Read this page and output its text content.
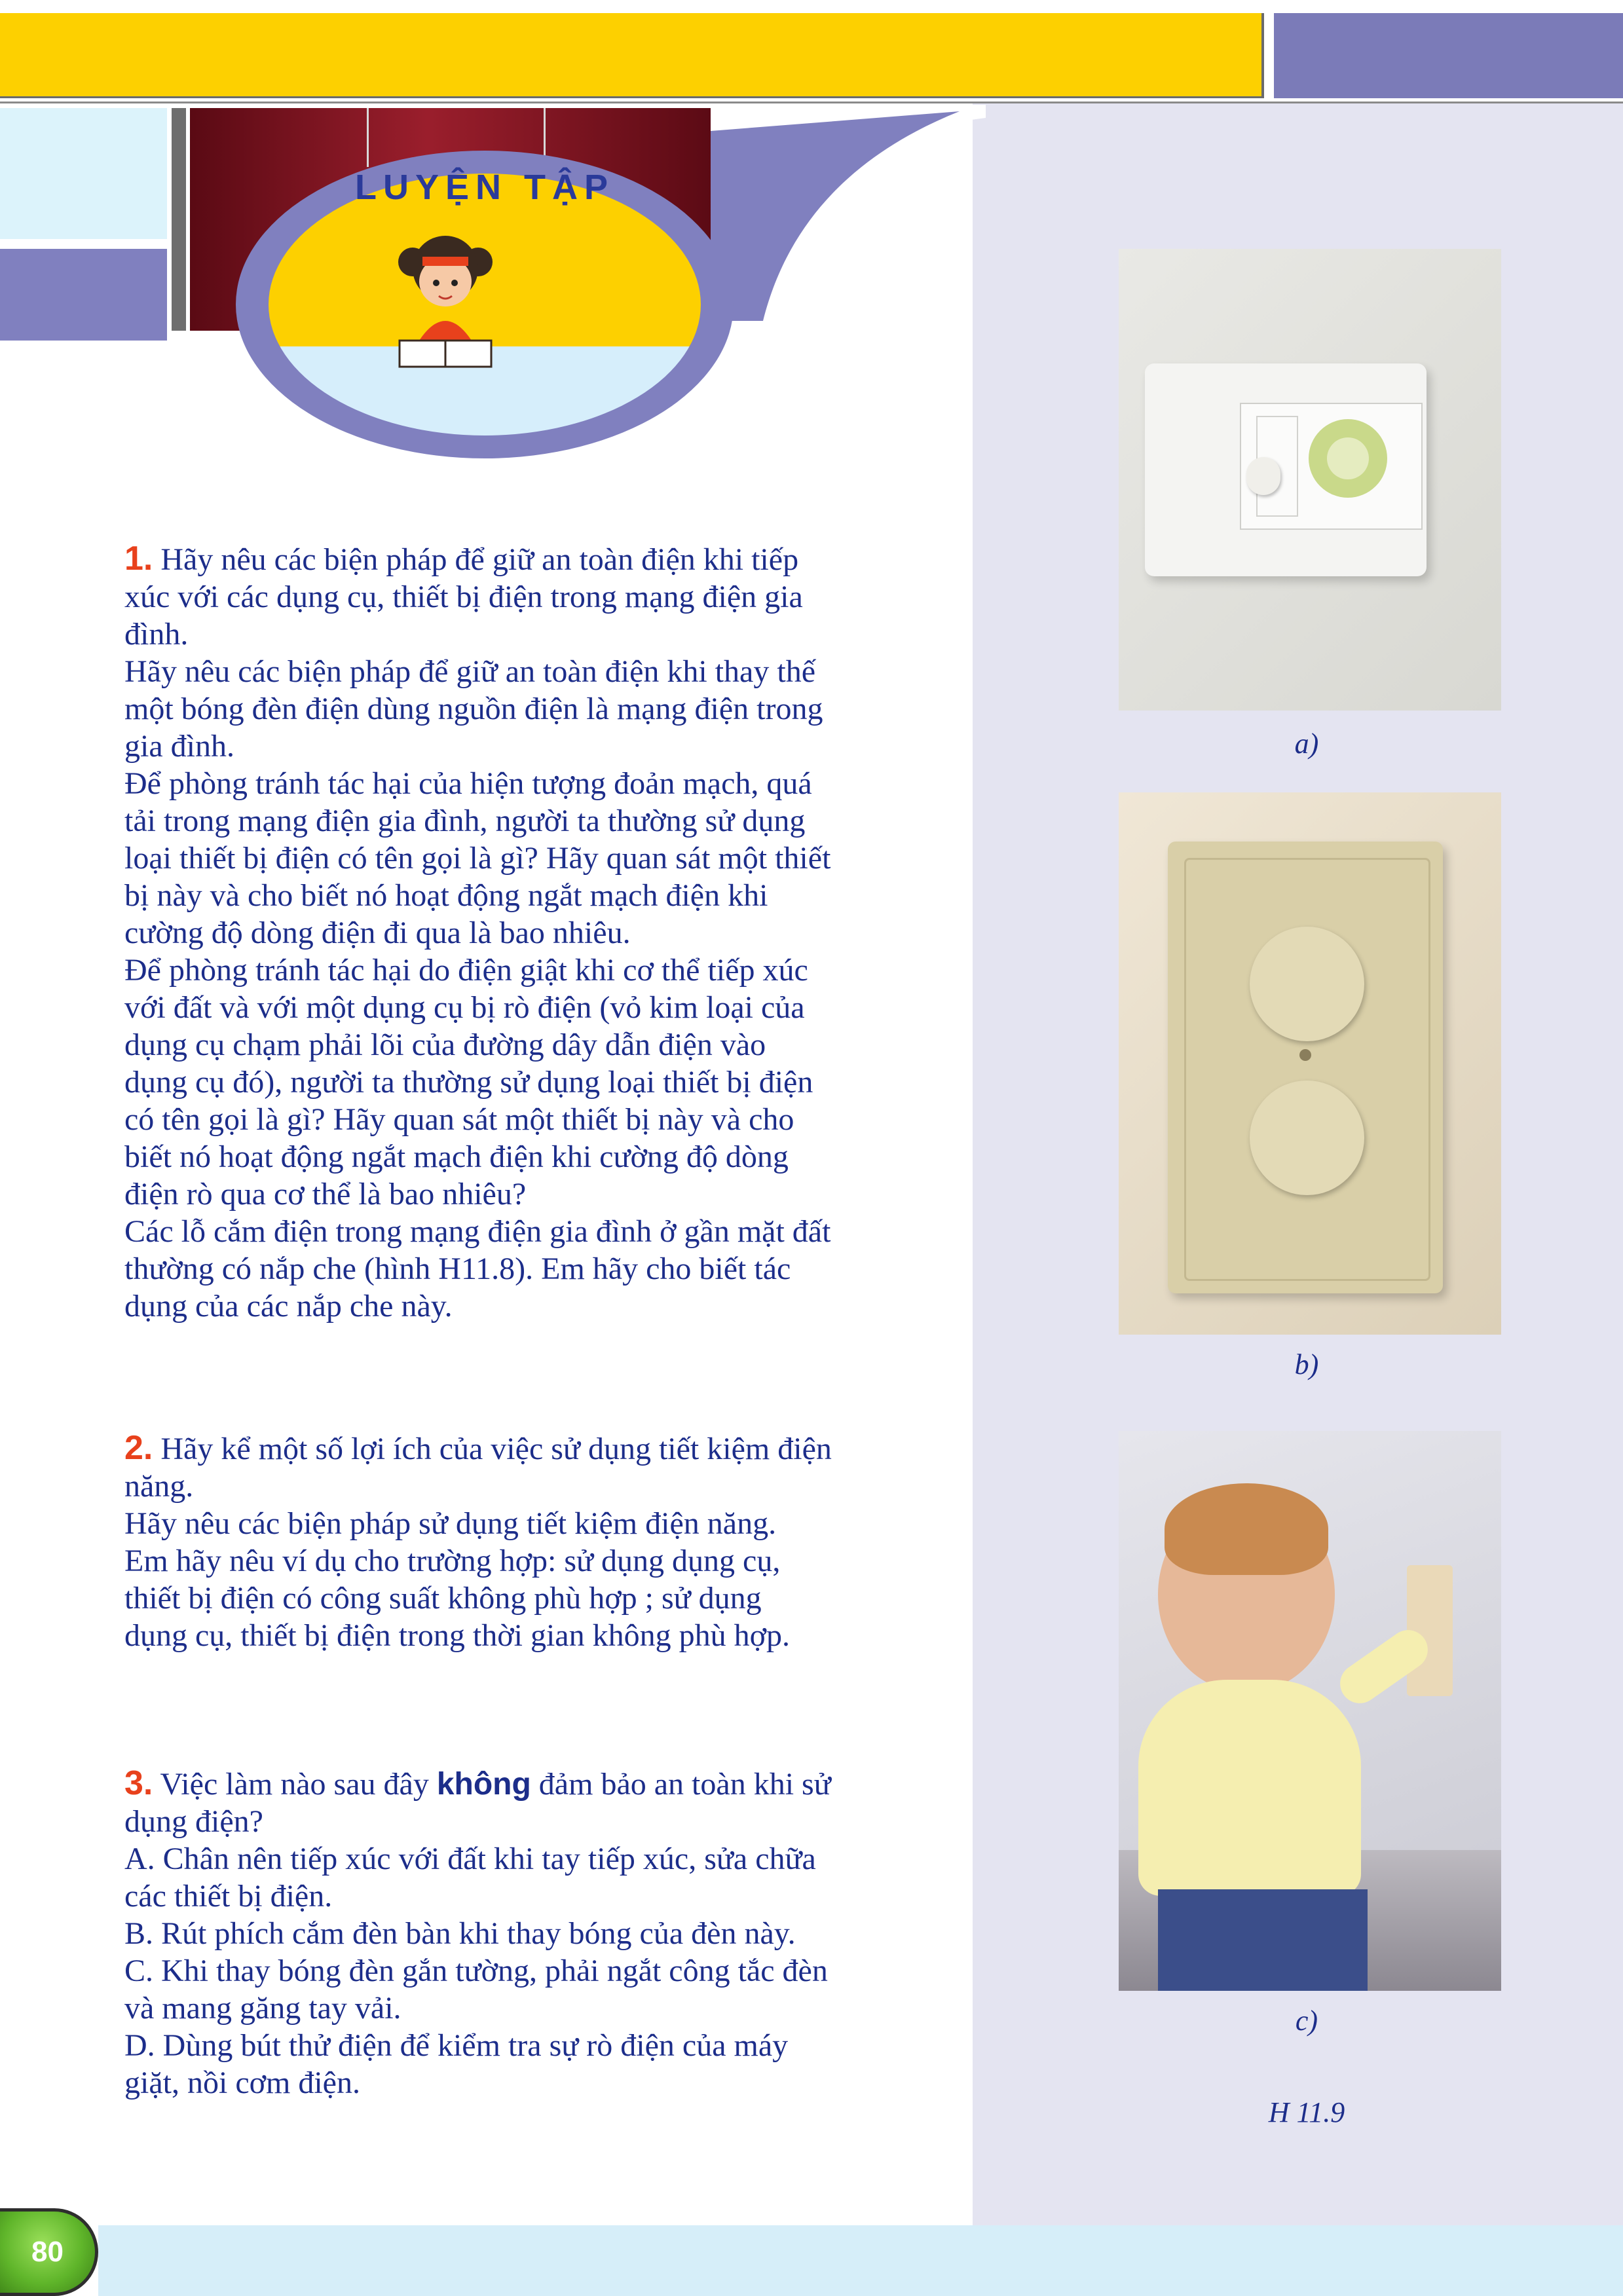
LUYỆN TẬP

1. Hãy nêu các biện pháp để giữ an toàn điện khi tiếp xúc với các dụng cụ, thiết bị điện trong mạng điện gia đình.

Hãy nêu các biện pháp để giữ an toàn điện khi thay thế một bóng đèn điện dùng nguồn điện là mạng điện trong gia đình.

Để phòng tránh tác hại của hiện tượng đoản mạch, quá tải trong mạng điện gia đình, người ta thường sử dụng loại thiết bị điện có tên gọi là gì? Hãy quan sát một thiết bị này và cho biết nó hoạt động ngắt mạch điện khi cường độ dòng điện đi qua là bao nhiêu.

Để phòng tránh tác hại do điện giật khi cơ thể tiếp xúc với đất và với một dụng cụ bị rò điện (vỏ kim loại của dụng cụ chạm phải lõi của đường dây dẫn điện vào dụng cụ đó), người ta thường sử dụng loại thiết bị điện có tên gọi là gì? Hãy quan sát một thiết bị này và cho biết nó hoạt động ngắt mạch điện khi cường độ dòng điện rò qua cơ thể là bao nhiêu?

Các lỗ cắm điện trong mạng điện gia đình ở gần mặt đất thường có nắp che (hình H11.8). Em hãy cho biết tác dụng của các nắp che này.

2. Hãy kể một số lợi ích của việc sử dụng tiết kiệm điện năng.

Hãy nêu các biện pháp sử dụng tiết kiệm điện năng.

Em hãy nêu ví dụ cho trường hợp: sử dụng dụng cụ, thiết bị điện có công suất không phù hợp ; sử dụng dụng cụ, thiết bị điện trong thời gian không phù hợp.

3. Việc làm nào sau đây không đảm bảo an toàn khi sử dụng điện?

A. Chân nên tiếp xúc với đất khi tay tiếp xúc, sửa chữa các thiết bị điện.

B. Rút phích cắm đèn bàn khi thay bóng của đèn này.

C. Khi thay bóng đèn gắn tường, phải ngắt công tắc đèn và mang găng tay vải.

D. Dùng bút thử điện để kiểm tra sự rò điện của máy giặt, nồi cơm điện.

a)
b)
c)
H 11.9
80
